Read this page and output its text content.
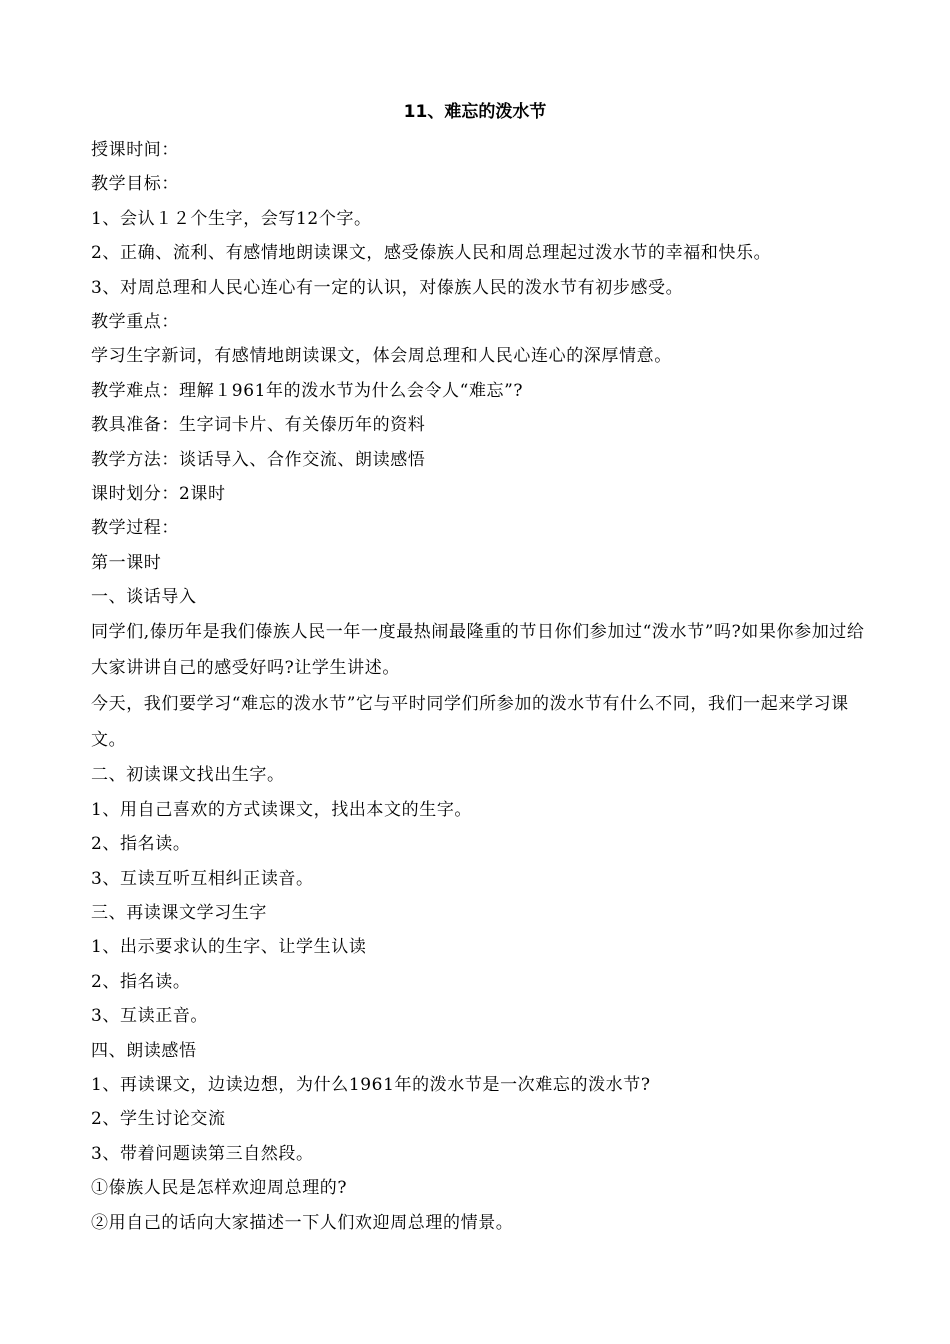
11、难忘的泼水节
授课时间：
教学目标：
1、会认１２个生字，会写12个字。
2、正确、流利、有感情地朗读课文，感受傣族人民和周总理起过泼水节的幸福和快乐。
3、对周总理和人民心连心有一定的认识，对傣族人民的泼水节有初步感受。
教学重点：
学习生字新词，有感情地朗读课文，体会周总理和人民心连心的深厚情意。
教学难点：理解１961年的泼水节为什么会令人“难忘”?
教具准备：生字词卡片、有关傣历年的资料
教学方法：谈话导入、合作交流、朗读感悟
课时划分：2课时
教学过程：
第一课时
一、谈话导入
同学们,傣历年是我们傣族人民一年一度最热闹最隆重的节日你们参加过“泼水节”吗?如果你参加过给大家讲讲自己的感受好吗?让学生讲述。
今天，我们要学习“难忘的泼水节”它与平时同学们所参加的泼水节有什么不同，我们一起来学习课文。
二、初读课文找出生字。
1、用自己喜欢的方式读课文，找出本文的生字。
2、指名读。
3、互读互听互相纠正读音。
三、再读课文学习生字
1、出示要求认的生字、让学生认读
2、指名读。
3、互读正音。
四、朗读感悟
1、再读课文，边读边想，为什么1961年的泼水节是一次难忘的泼水节?
2、学生讨论交流
3、带着问题读第三自然段。
①傣族人民是怎样欢迎周总理的?
②用自己的话向大家描述一下人们欢迎周总理的情景。
